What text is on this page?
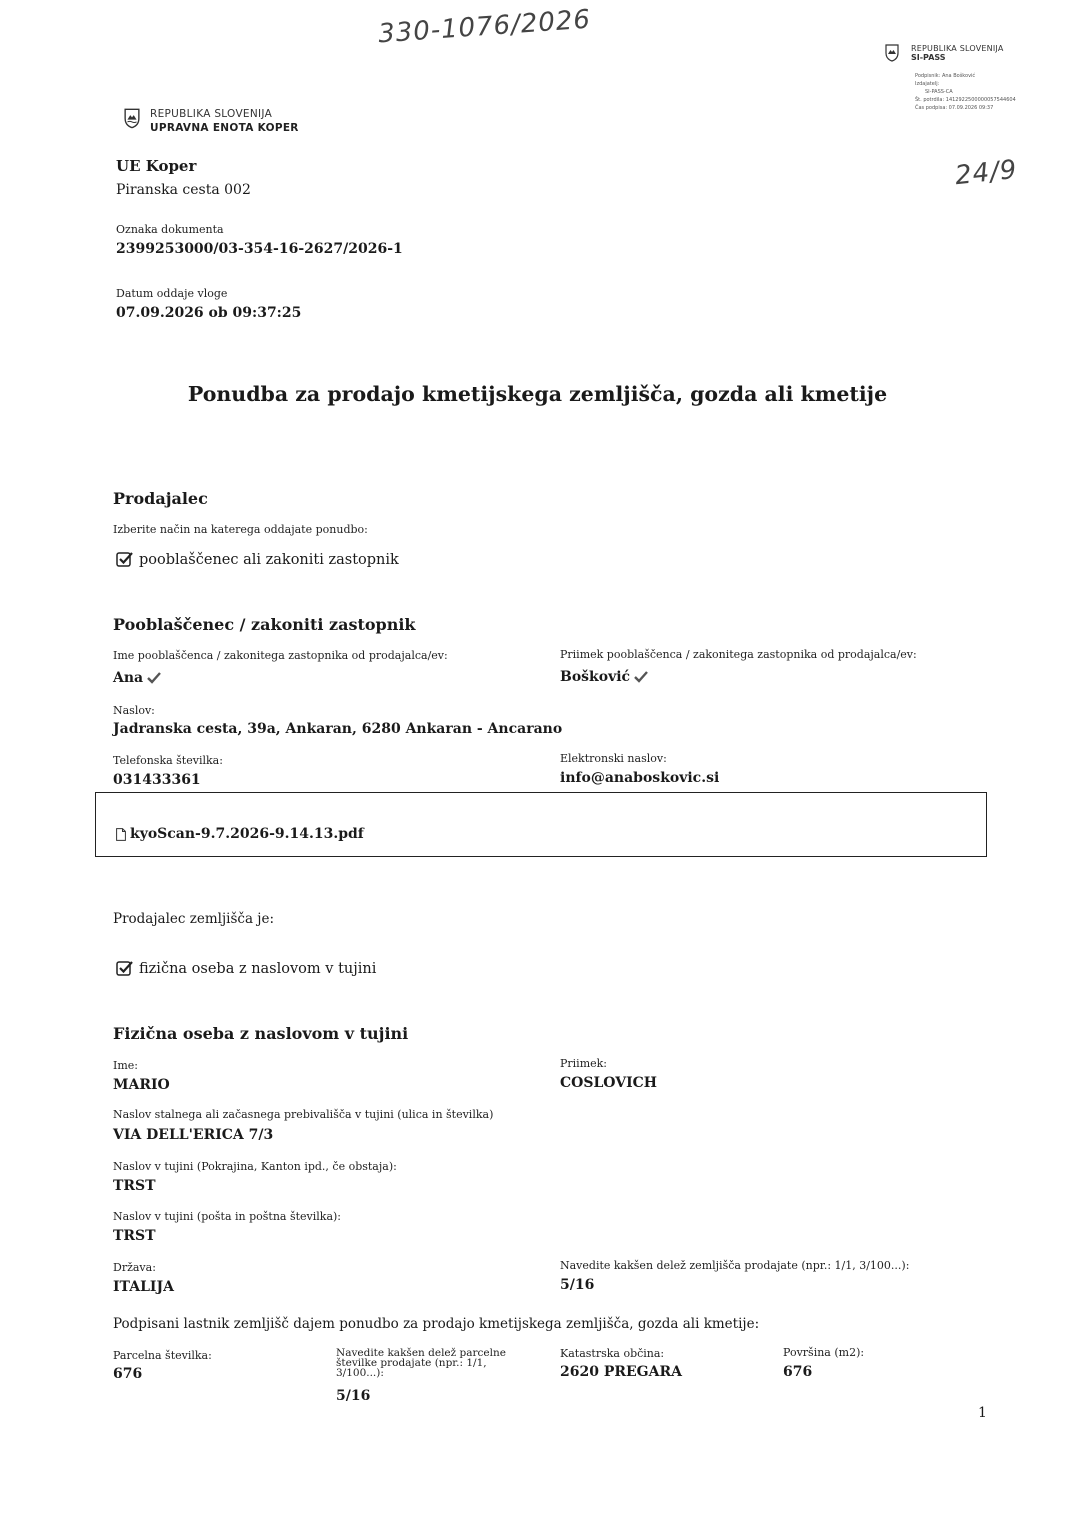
330-1076/2026
24/9
REPUBLIKA SLOVENIJA
SI-PASS
Podpisnik: Ana Bošković
Izdajatelj:
SI-PASS-CA
Št. potrdila: 1412922500000057544604
Čas podpisa: 07.09.2026 09:37
REPUBLIKA SLOVENIJA
UPRAVNA ENOTA KOPER
UE Koper
Piranska cesta 002
Oznaka dokumenta
2399253000/03-354-16-2627/2026-1
Datum oddaje vloge
07.09.2026 ob 09:37:25
Ponudba za prodajo kmetijskega zemljišča, gozda ali kmetije
Prodajalec
Izberite način na katerega oddajate ponudbo:
pooblaščenec ali zakoniti zastopnik
Pooblaščenec / zakoniti zastopnik
Ime pooblaščenca / zakonitega zastopnika od prodajalca/ev:
Ana
Priimek pooblaščenca / zakonitega zastopnika od prodajalca/ev:
Bošković
Naslov:
Jadranska cesta, 39a, Ankaran, 6280 Ankaran - Ancarano
Telefonska številka:
031433361
Elektronski naslov:
info@anaboskovic.si
kyoScan-9.7.2026-9.14.13.pdf
Prodajalec zemljišča je:
fizična oseba z naslovom v tujini
Fizična oseba z naslovom v tujini
Ime:
MARIO
Priimek:
COSLOVICH
Naslov stalnega ali začasnega prebivališča v tujini (ulica in številka)
VIA DELL'ERICA 7/3
Naslov v tujini (Pokrajina, Kanton ipd., če obstaja):
TRST
Naslov v tujini (pošta in poštna številka):
TRST
Država:
ITALIJA
Navedite kakšen delež zemljišča prodajate (npr.: 1/1, 3/100...):
5/16
Podpisani lastnik zemljišč dajem ponudbo za prodajo kmetijskega zemljišča, gozda ali kmetije:
Parcelna številka:
676
Navedite kakšen delež parcelne številke prodajate (npr.: 1/1, 3/100...):
5/16
Katastrska občina:
2620 PREGARA
Površina (m2):
676
1
